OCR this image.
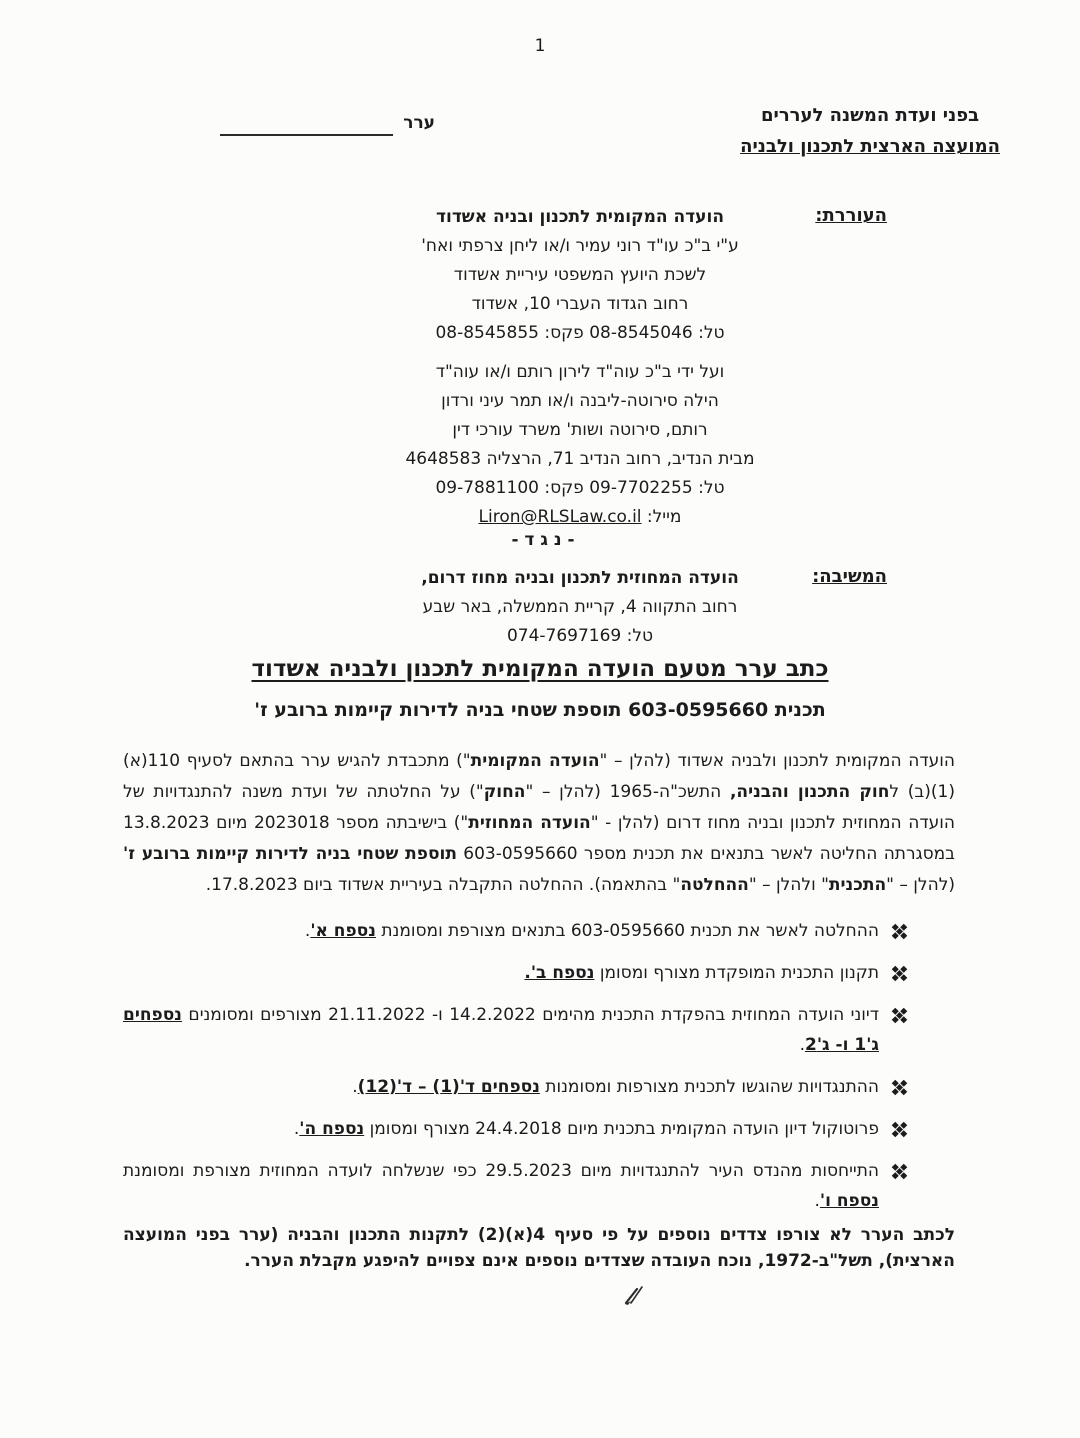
1
בפני ועדת המשנה לעררים
המועצה הארצית לתכנון ולבניה
ערר
העוררת:
הועדה המקומית לתכנון ובניה אשדוד
ע"י ב"כ עו"ד רוני עמיר ו/או ליחן צרפתי ואח'
לשכת היועץ המשפטי עיריית אשדוד
רחוב הגדוד העברי 10, אשדוד
טל: 08-8545046 פקס: 08-8545855
ועל ידי ב"כ עוה"ד לירון רותם ו/או עוה"ד
הילה סירוטה-ליבנה ו/או תמר עיני ורדון
רותם, סירוטה ושות' משרד עורכי דין
מבית הנדיב, רחוב הנדיב 71, הרצליה 4648583
טל: 09-7702255 פקס: 09-7881100
מייל: Liron@RLSLaw.co.il
- נ ג ד -
המשיבה:
הועדה המחוזית לתכנון ובניה מחוז דרום,
רחוב התקווה 4, קריית הממשלה, באר שבע
טל: 074-7697169
כתב ערר מטעם הועדה המקומית לתכנון ולבניה אשדוד
תכנית 603-0595660 תוספת שטחי בניה לדירות קיימות ברובע ז'
הועדה המקומית לתכנון ולבניה אשדוד (להלן – "הועדה המקומית") מתכבדת להגיש ערר בהתאם לסעיף 110(א)(1)(ב) לחוק התכנון והבניה, התשכ"ה-1965 (להלן – "החוק") על החלטתה של ועדת משנה להתנגדויות של הועדה המחוזית לתכנון ובניה מחוז דרום (להלן - "הועדה המחוזית") בישיבתה מספר 2023018 מיום 13.8.2023 במסגרתה החליטה לאשר בתנאים את תכנית מספר 603-0595660 תוספת שטחי בניה לדירות קיימות ברובע ז' (להלן – "התכנית" ולהלן – "ההחלטה" בהתאמה). ההחלטה התקבלה בעיריית אשדוד ביום 17.8.2023.
ההחלטה לאשר את תכנית 603-0595660 בתנאים מצורפת ומסומנת נספח א'.
תקנון התכנית המופקדת מצורף ומסומן נספח ב'.
דיוני הועדה המחוזית בהפקדת התכנית מהימים 14.2.2022 ו- 21.11.2022 מצורפים ומסומנים נספחים ג'1 ו- ג'2.
ההתנגדויות שהוגשו לתכנית מצורפות ומסומנות נספחים ד'(1) – ד'(12).
פרוטוקול דיון הועדה המקומית בתכנית מיום 24.4.2018 מצורף ומסומן נספח ה'.
התייחסות מהנדס העיר להתנגדויות מיום 29.5.2023 כפי שנשלחה לועדה המחוזית מצורפת ומסומנת נספח ו'.
לכתב הערר לא צורפו צדדים נוספים על פי סעיף 4(א)(2) לתקנות התכנון והבניה (ערר בפני המועצה הארצית), תשל"ב-1972, נוכח העובדה שצדדים נוספים אינם צפויים להיפגע מקבלת הערר.
